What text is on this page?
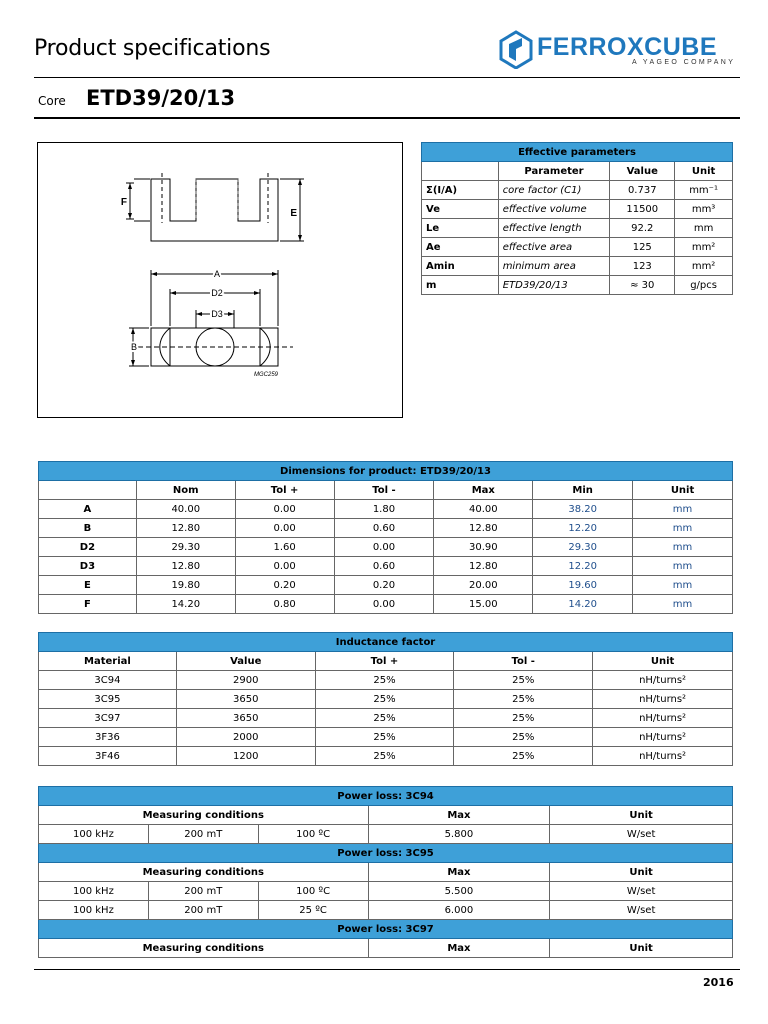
Product specifications	FERROXCUBE
A YAGEO COMPANY
Core ETD39/20/13
F
E
A
D2
D3
B
MGC259
Effective parameters			
	Parameter	Value	Unit
Σ(I/A)	core factor (C1)	0.737	mm⁻¹
Ve	effective volume	11500	mm³
Le	effective length	92.2	mm
Ae	effective area	125	mm²
Amin	minimum area	123	mm²
m	ETD39/20/13	≈ 30	g/pcs
Dimensions for product: ETD39/20/13						
	Nom	Tol +	Tol -	Max	Min	Unit
A	40.00	0.00	1.80	40.00	38.20	mm
B	12.80	0.00	0.60	12.80	12.20	mm
D2	29.30	1.60	0.00	30.90	29.30	mm
D3	12.80	0.00	0.60	12.80	12.20	mm
E	19.80	0.20	0.20	20.00	19.60	mm
F	14.20	0.80	0.00	15.00	14.20	mm
Inductance factor				
Material	Value	Tol +	Tol -	Unit
3C94	2900	25%	25%	nH/turns²
3C95	3650	25%	25%	nH/turns²
3C97	3650	25%	25%	nH/turns²
3F36	2000	25%	25%	nH/turns²
3F46	1200	25%	25%	nH/turns²
Power loss: 3C94				
Measuring conditions			Max	Unit
100 kHz	200 mT	100 ºC	5.800	W/set
Power loss: 3C95				
Measuring conditions			Max	Unit
100 kHz	200 mT	100 ºC	5.500	W/set
100 kHz	200 mT	25 ºC	6.000	W/set
Power loss: 3C97				
Measuring conditions			Max	Unit
2016
